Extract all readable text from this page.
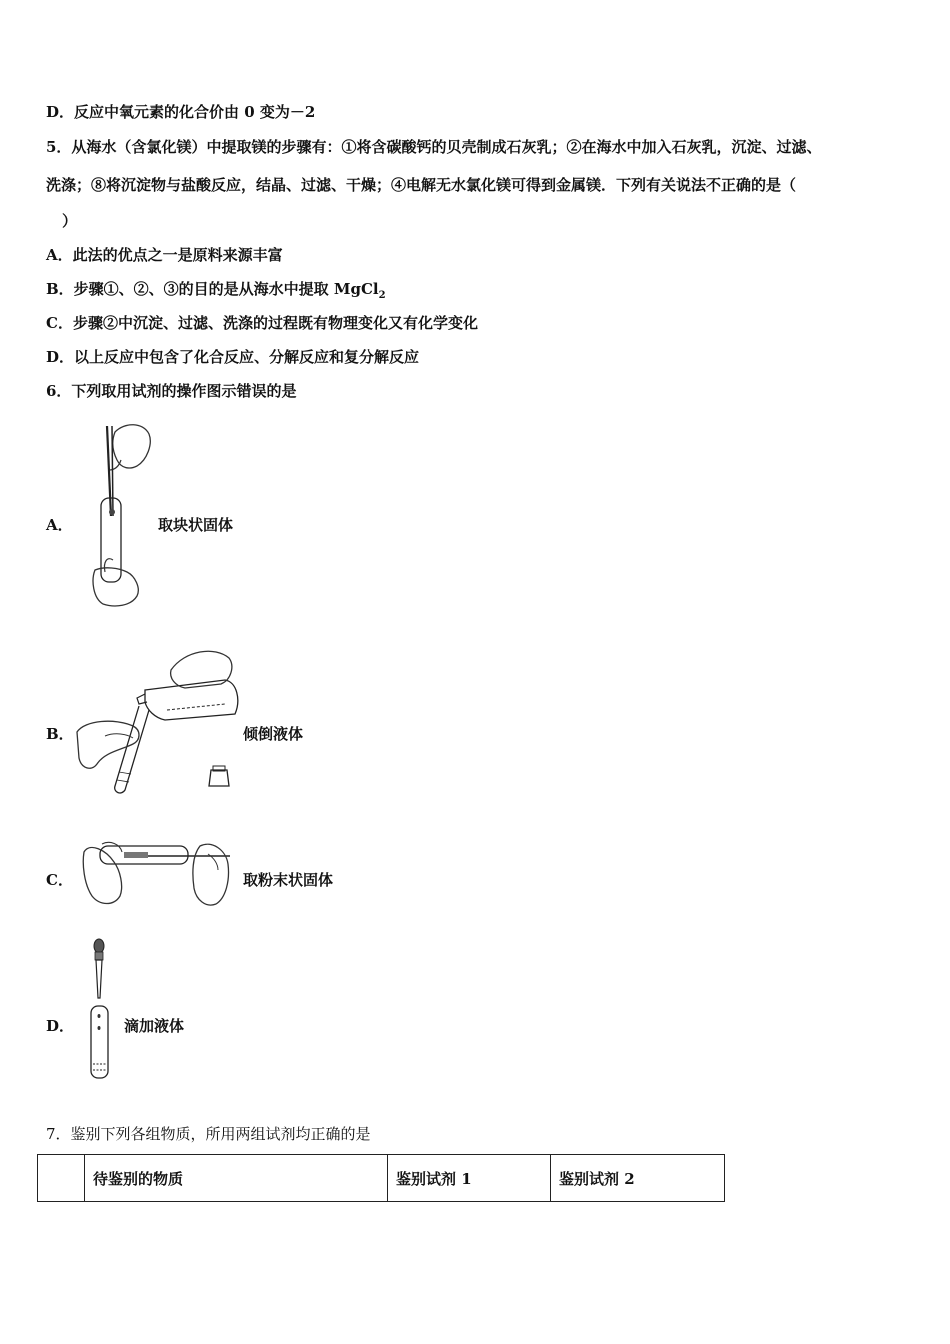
D．反应中氧元素的化合价由 0 变为－2
5．从海水（含氯化镁）中提取镁的步骤有：①将含碳酸钙的贝壳制成石灰乳；②在海水中加入石灰乳，沉淀、过滤、
洗涤；⑧将沉淀物与盐酸反应，结晶、过滤、干燥；④电解无水氯化镁可得到金属镁．下列有关说法不正确的是（
）
A．此法的优点之一是原料来源丰富
B．步骤①、②、③的目的是从海水中提取 MgCl$_2$
C．步骤②中沉淀、过滤、洗涤的过程既有物理变化又有化学变化
D．以上反应中包含了化合反应、分解反应和复分解反应
6．下列取用试剂的操作图示错误的是
A．	取块状固体
B．	倾倒液体
C．	取粉末状固体
D．	滴加液体
7．鉴别下列各组物质，所用两组试剂均正确的是
	待鉴别的物质	鉴别试剂 1	鉴别试剂 2
